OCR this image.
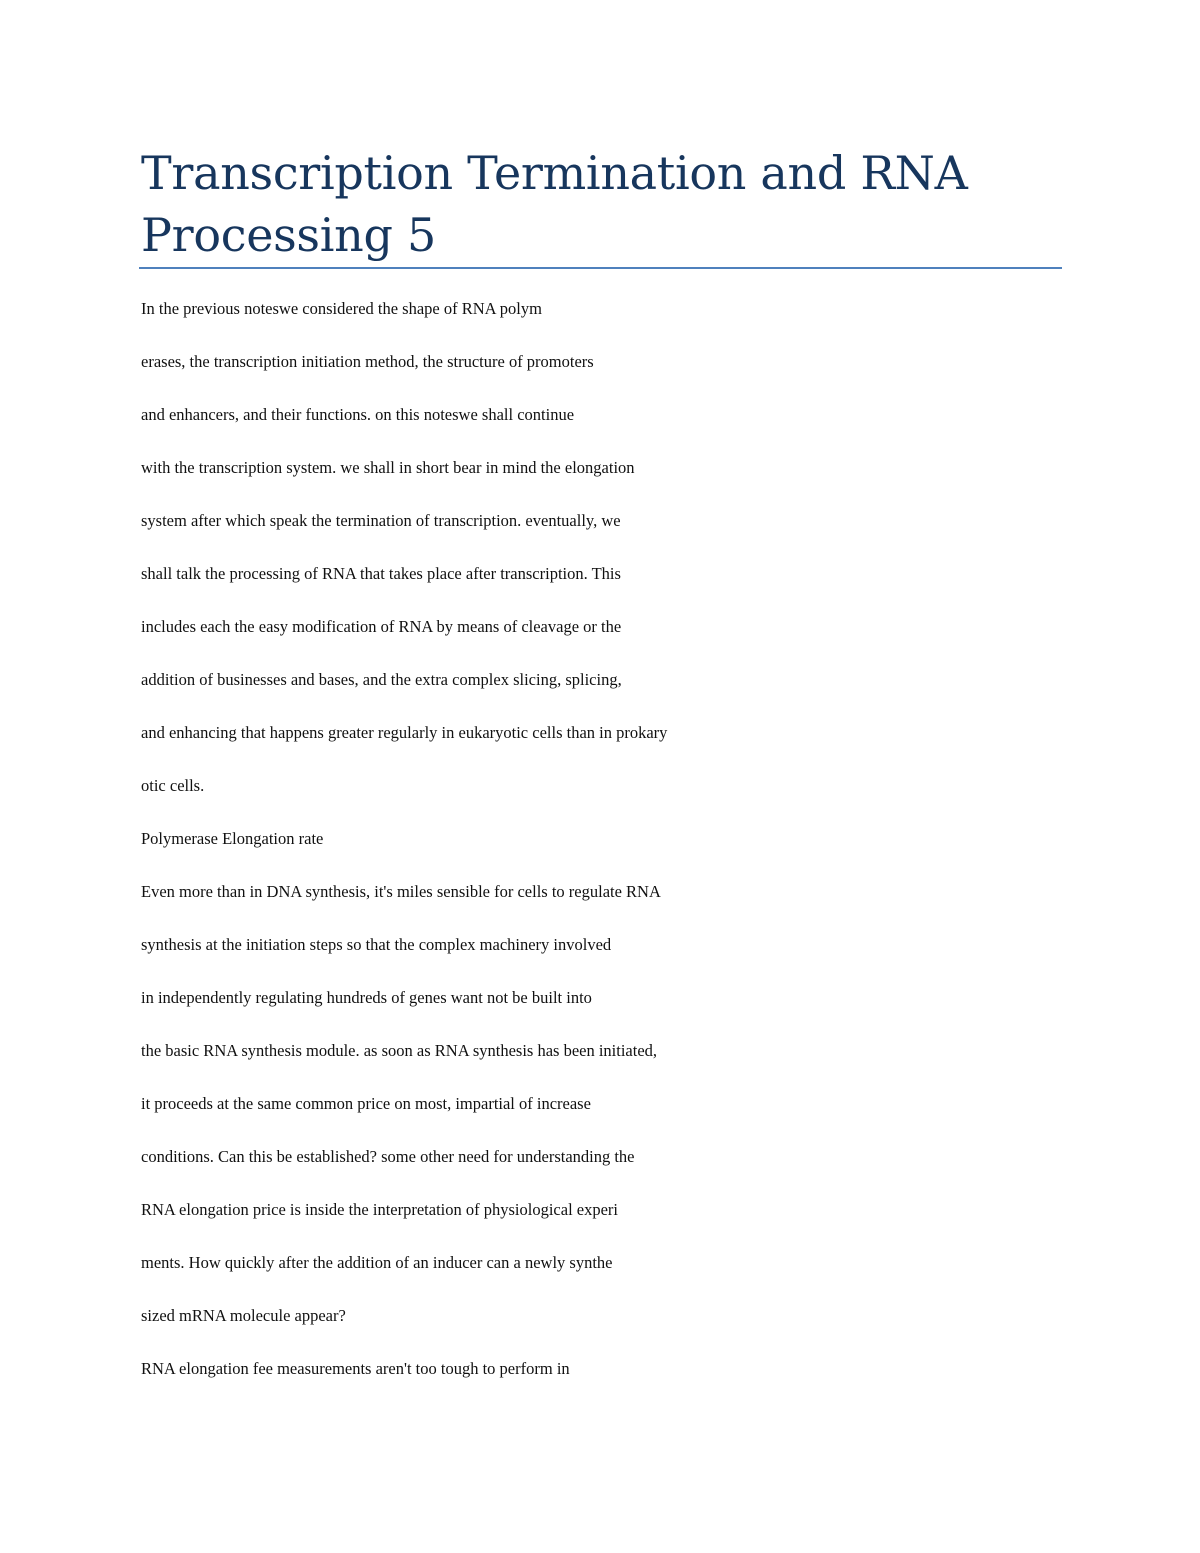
Transcription Termination and RNA
Processing 5
In the previous noteswe considered the shape of RNA polym
erases, the transcription initiation method, the structure of promoters
and enhancers, and their functions. on this noteswe shall continue
with the transcription system. we shall in short bear in mind the elongation
system after which speak the termination of transcription. eventually, we
shall talk the processing of RNA that takes place after transcription. This
includes each the easy modification of RNA by means of cleavage or the
addition of businesses and bases, and the extra complex slicing, splicing,
and enhancing that happens greater regularly in eukaryotic cells than in prokary
otic cells.
Polymerase Elongation rate
Even more than in DNA synthesis, it's miles sensible for cells to regulate RNA
synthesis at the initiation steps so that the complex machinery involved
in independently regulating hundreds of genes want not be built into
the basic RNA synthesis module. as soon as RNA synthesis has been initiated,
it proceeds at the same common price on most, impartial of increase
conditions. Can this be established? some other need for understanding the
RNA elongation price is inside the interpretation of physiological experi
ments. How quickly after the addition of an inducer can a newly synthe
sized mRNA molecule appear?
RNA elongation fee measurements aren't too tough to perform in
